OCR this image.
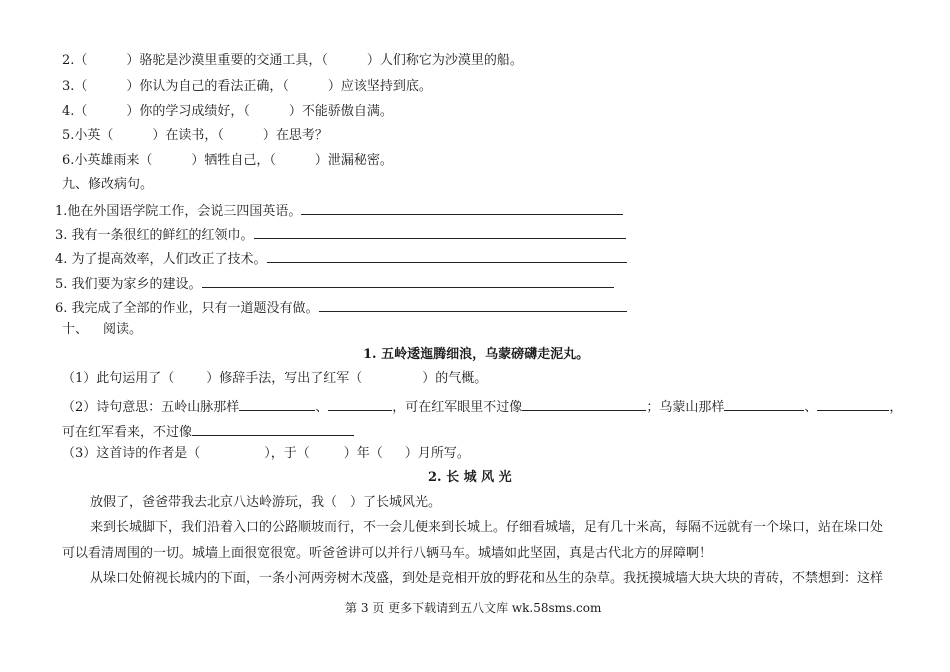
2.（　　　）骆驼是沙漠里重要的交通工具，（　　　）人们称它为沙漠里的船。
3.（　　　）你认为自己的看法正确，（　　　）应该坚持到底。
4.（　　　）你的学习成绩好，（　　　）不能骄傲自满。
5.小英（　　　）在读书，（　　　）在思考？
6.小英雄雨来（　　　）牺牲自己，（　　　）泄漏秘密。
九、修改病句。
1.他在外国语学院工作，会说三四国英语。
3. 我有一条很红的鲜红的红领巾。
4. 为了提高效率，人们改正了技术。
5. 我们要为家乡的建设。
6. 我完成了全部的作业，只有一道题没有做。
十、 阅读。
1. 五岭逶迤腾细浪，乌蒙磅礴走泥丸。
（1）此句运用了（ ）修辞手法，写出了红军（	）的气概。
（2）诗句意思：五岭山脉那样	、	，可在红军眼里不过像	；乌蒙山那样	、	，
可在红军看来，不过像
（3）这首诗的作者是（	），于（	）年（ ）月所写。
2. 长 城 风 光
放假了，爸爸带我去北京八达岭游玩，我（　）了长城风光。
来到长城脚下，我们沿着入口的公路顺坡而行，不一会儿便来到长城上。仔细看城墙，足有几十米高，每隔不远就有一个垛口，站在垛口处
可以看清周围的一切。城墙上面很宽很宽。听爸爸讲可以并行八辆马车。城墙如此坚固，真是古代北方的屏障啊！
从垛口处俯视长城内的下面，一条小河两旁树木茂盛，到处是竞相开放的野花和丛生的杂草。我抚摸城墙大块大块的青砖，不禁想到：这样
第 3 页 更多下载请到五八文库 wk.58sms.com
